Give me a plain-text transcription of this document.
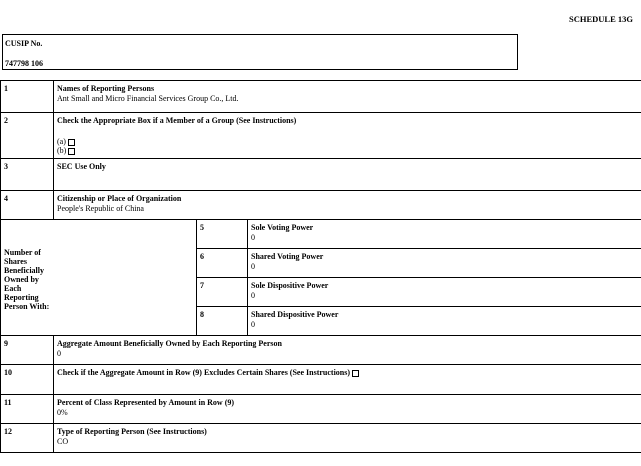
SCHEDULE 13G
CUSIP No.
747798 106
1	Names of Reporting Persons
Ant Small and Micro Financial Services Group Co., Ltd.		

2	Check the Appropriate Box if a Member of a Group (See Instructions)
(a)
(b)		

3	SEC Use Only		

4	Citizenship or Place of Organization
People's Republic of China		

Number of Shares Beneficially Owned by Each Reporting Person With:		5	Sole Voting Power
0

		6	Shared Voting Power
0

		7	Sole Dispositive Power
0

		8	Shared Dispositive Power
0

9	Aggregate Amount Beneficially Owned by Each Reporting Person
0		

10	Check if the Aggregate Amount in Row (9) Excludes Certain Shares (See Instructions)		
11	Percent of Class Represented by Amount in Row (9)
0%		

12	Type of Reporting Person (See Instructions)
CO		
